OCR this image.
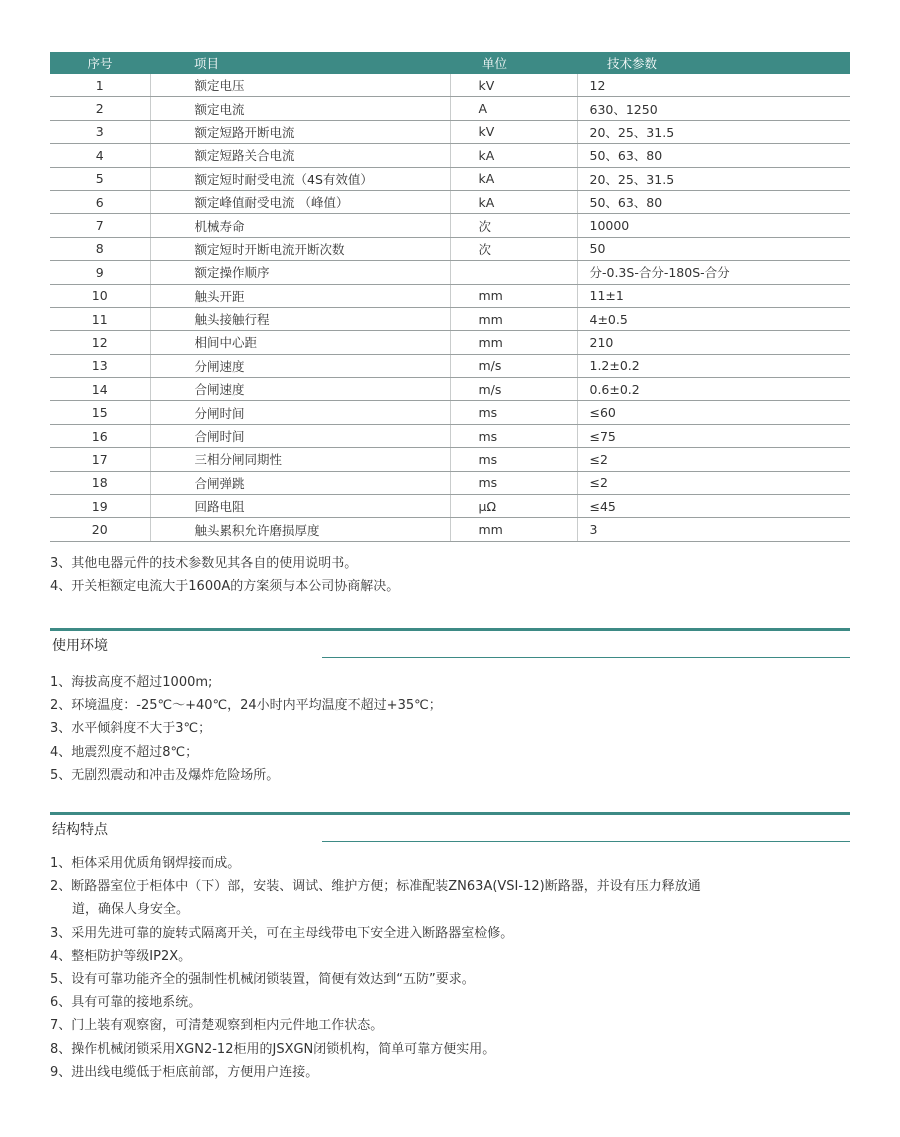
序号	项目	单位	技术参数
1	额定电压	kV	12
2	额定电流	A	630、1250
3	额定短路开断电流	kV	20、25、31.5
4	额定短路关合电流	kA	50、63、80
5	额定短时耐受电流（4S有效值）	kA	20、25、31.5
6	额定峰值耐受电流 （峰值）	kA	50、63、80
7	机械寿命	次	10000
8	额定短时开断电流开断次数	次	50
9	额定操作顺序		分-0.3S-合分-180S-合分
10	触头开距	mm	11±1
11	触头接触行程	mm	4±0.5
12	相间中心距	mm	210
13	分闸速度	m/s	1.2±0.2
14	合闸速度	m/s	0.6±0.2
15	分闸时间	ms	≤60
16	合闸时间	ms	≤75
17	三相分闸同期性	ms	≤2
18	合闸弹跳	ms	≤2
19	回路电阻	μΩ	≤45
20	触头累积允许磨损厚度	mm	3

3、其他电器元件的技术参数见其各自的使用说明书。

4、开关柜额定电流大于1600A的方案须与本公司协商解决。

使用环境

1、海拔高度不超过1000m;

2、环境温度：-25℃～+40℃，24小时内平均温度不超过+35℃；

3、水平倾斜度不大于3℃；

4、地震烈度不超过8℃；

5、无剧烈震动和冲击及爆炸危险场所。

结构特点

1、柜体采用优质角钢焊接而成。

2、断路器室位于柜体中（下）部，安装、调试、维护方便；标准配装ZN63A(VSI-12)断路器，并设有压力释放通

道，确保人身安全。

3、采用先进可靠的旋转式隔离开关，可在主母线带电下安全进入断路器室检修。

4、整柜防护等级IP2X。

5、设有可靠功能齐全的强制性机械闭锁装置，简便有效达到“五防”要求。

6、具有可靠的接地系统。

7、门上装有观察窗，可清楚观察到柜内元件地工作状态。

8、操作机械闭锁采用XGN2-12柜用的JSXGN闭锁机构，简单可靠方便实用。

9、进出线电缆低于柜底前部，方便用户连接。
